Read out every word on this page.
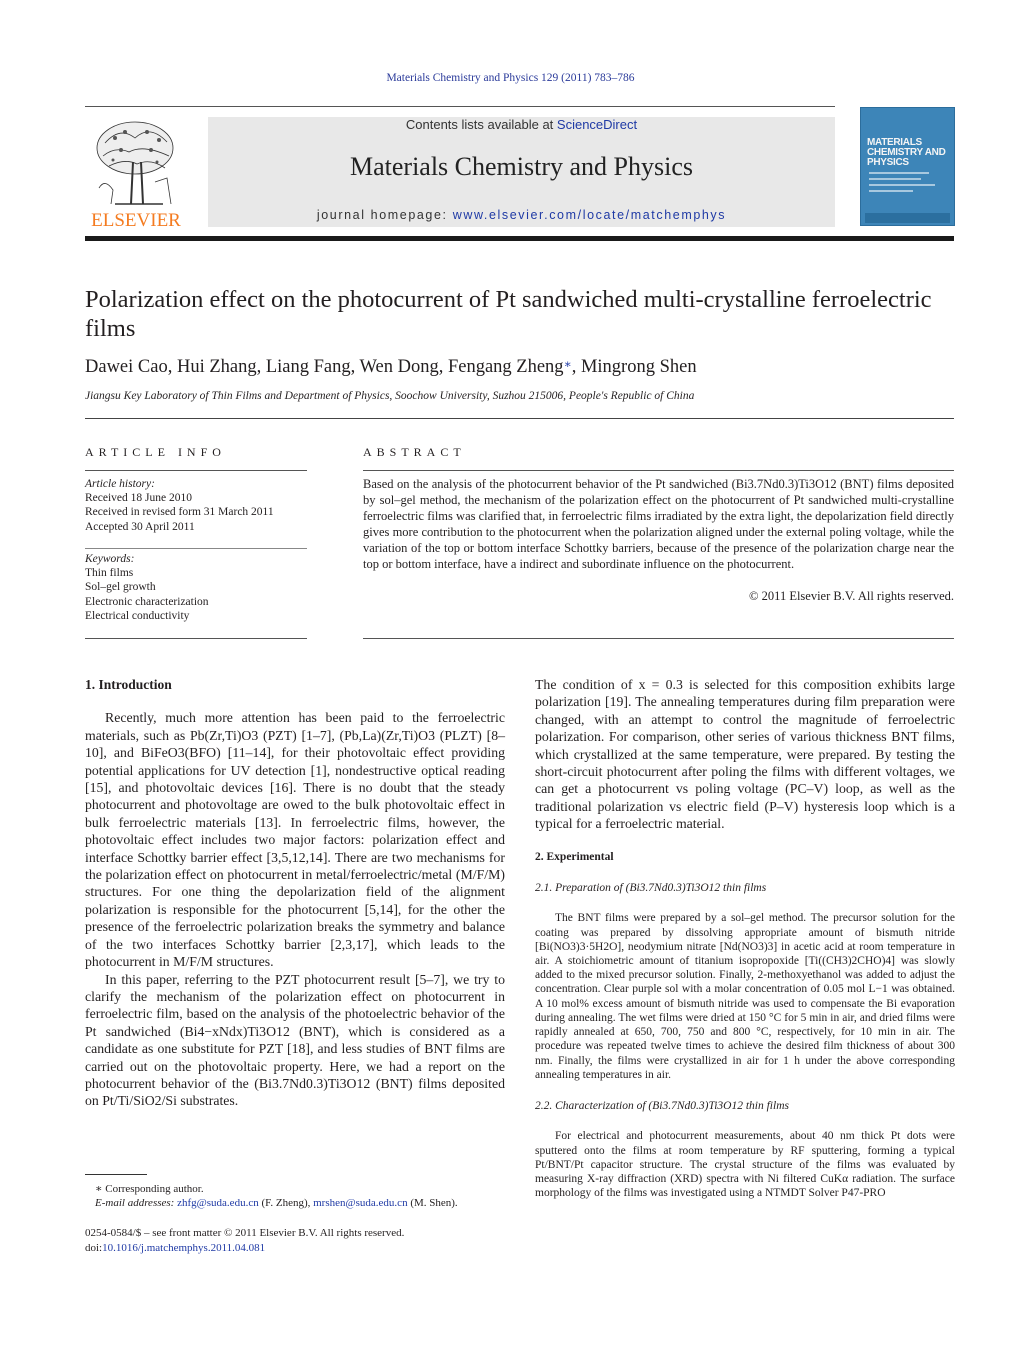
Materials Chemistry and Physics 129 (2011) 783–786
ELSEVIER
Contents lists available at ScienceDirect
Materials Chemistry and Physics
journal homepage: www.elsevier.com/locate/matchemphys
MATERIALS CHEMISTRY AND PHYSICS
Polarization effect on the photocurrent of Pt sandwiched multi-crystalline ferroelectric films
Dawei Cao, Hui Zhang, Liang Fang, Wen Dong, Fengang Zheng∗, Mingrong Shen
Jiangsu Key Laboratory of Thin Films and Department of Physics, Soochow University, Suzhou 215006, People's Republic of China
ARTICLE INFO	ABSTRACT
Article history:
Received 18 June 2010
Received in revised form 31 March 2011
Accepted 30 April 2011
Keywords:
Thin films
Sol–gel growth
Electronic characterization
Electrical conductivity
Based on the analysis of the photocurrent behavior of the Pt sandwiched (Bi3.7Nd0.3)Ti3O12 (BNT) films deposited by sol–gel method, the mechanism of the polarization effect on the photocurrent of Pt sandwiched multi-crystalline ferroelectric films was clarified that, in ferroelectric films irradiated by the extra light, the depolarization field directly gives more contribution to the photocurrent when the polarization aligned under the external poling voltage, while the variation of the top or bottom interface Schottky barriers, because of the presence of the polarization charge near the top or bottom interface, have a indirect and subordinate influence on the photocurrent.
© 2011 Elsevier B.V. All rights reserved.
1. Introduction

Recently, much more attention has been paid to the ferroelectric materials, such as Pb(Zr,Ti)O3 (PZT) [1–7], (Pb,La)(Zr,Ti)O3 (PLZT) [8–10], and BiFeO3(BFO) [11–14], for their photovoltaic effect providing potential applications for UV detection [1], nondestructive optical reading [15], and photovoltaic devices [16]. There is no doubt that the steady photocurrent and photovoltage are owed to the bulk photovoltaic effect in bulk ferroelectric materials [13]. In ferroelectric films, however, the photovoltaic effect includes two major factors: polarization effect and interface Schottky barrier effect [3,5,12,14]. There are two mechanisms for the polarization effect on photocurrent in metal/ferroelectric/metal (M/F/M) structures. For one thing the depolarization field of the alignment polarization is responsible for the photocurrent [5,14], for the other the presence of the ferroelectric polarization breaks the symmetry and balance of the two interfaces Schottky barrier [2,3,17], which leads to the photocurrent in M/F/M structures.

In this paper, referring to the PZT photocurrent result [5–7], we try to clarify the mechanism of the polarization effect on photocurrent in ferroelectric film, based on the analysis of the photoelectric behavior of the Pt sandwiched (Bi4−xNdx)Ti3O12 (BNT), which is considered as a candidate as one substitute for PZT [18], and less studies of BNT films are carried out on the photovoltaic property. Here, we had a report on the photocurrent behavior of the (Bi3.7Nd0.3)Ti3O12 (BNT) films deposited on Pt/Ti/SiO2/Si substrates.

The condition of x = 0.3 is selected for this composition exhibits large polarization [19]. The annealing temperatures during film preparation were changed, with an attempt to control the magnitude of ferroelectric polarization. For comparison, other series of various thickness BNT films, which crystallized at the same temperature, were prepared. By testing the short-circuit photocurrent after poling the films with different voltages, we can get a photocurrent vs poling voltage (PC–V) loop, as well as the traditional polarization vs electric field (P–V) hysteresis loop which is a typical for a ferroelectric material.

2. Experimental
2.1. Preparation of (Bi3.7Nd0.3)Ti3O12 thin films

The BNT films were prepared by a sol–gel method. The precursor solution for the coating was prepared by dissolving appropriate amount of bismuth nitride [Bi(NO3)3·5H2O], neodymium nitrate [Nd(NO3)3] in acetic acid at room temperature in air. A stoichiometric amount of titanium isopropoxide [Ti((CH3)2CHO)4] was slowly added to the mixed precursor solution. Finally, 2-methoxyethanol was added to adjust the concentration. Clear purple sol with a molar concentration of 0.05 mol L−1 was obtained. A 10 mol% excess amount of bismuth nitride was used to compensate the Bi evaporation during annealing. The wet films were dried at 150 °C for 5 min in air, and dried films were rapidly annealed at 650, 700, 750 and 800 °C, respectively, for 10 min in air. The procedure was repeated twelve times to achieve the desired film thickness of about 300 nm. Finally, the films were crystallized in air for 1 h under the above corresponding annealing temperatures in air.

2.2. Characterization of (Bi3.7Nd0.3)Ti3O12 thin films

For electrical and photocurrent measurements, about 40 nm thick Pt dots were sputtered onto the films at room temperature by RF sputtering, forming a typical Pt/BNT/Pt capacitor structure. The crystal structure of the films was evaluated by measuring X-ray diffraction (XRD) spectra with Ni filtered CuKα radiation. The surface morphology of the films was investigated using a NTMDT Solver P47-PRO

∗ Corresponding author.
E-mail addresses: zhfg@suda.edu.cn (F. Zheng), mrshen@suda.edu.cn (M. Shen).
0254-0584/$ – see front matter © 2011 Elsevier B.V. All rights reserved.
doi:10.1016/j.matchemphys.2011.04.081
